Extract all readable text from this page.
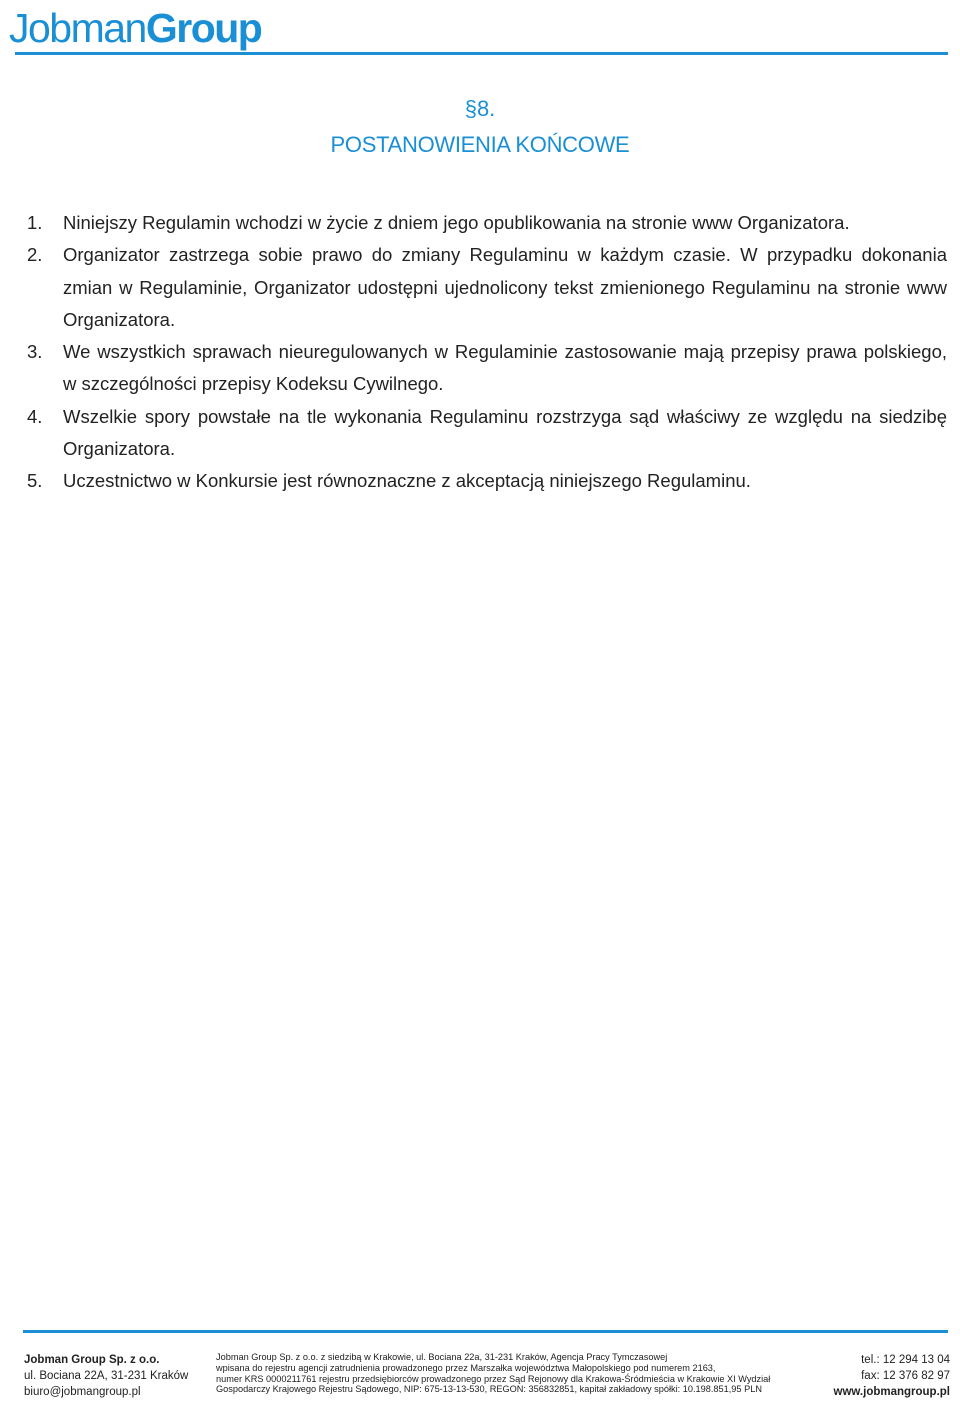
JobmanGroup
§8.
POSTANOWIENIA KOŃCOWE
1. Niniejszy Regulamin wchodzi w życie z dniem jego opublikowania na stronie www Organizatora.
2. Organizator zastrzega sobie prawo do zmiany Regulaminu w każdym czasie. W przypadku dokonania zmian w Regulaminie, Organizator udostępni ujednolicony tekst zmienionego Regulaminu na stronie www Organizatora.
3. We wszystkich sprawach nieuregulowanych w Regulaminie zastosowanie mają przepisy prawa polskiego, w szczególności przepisy Kodeksu Cywilnego.
4. Wszelkie spory powstałe na tle wykonania Regulaminu rozstrzyga sąd właściwy ze względu na siedzibę Organizatora.
5. Uczestnictwo w Konkursie jest równoznaczne z akceptacją niniejszego Regulaminu.
Jobman Group Sp. z o.o.
ul. Bociana 22A, 31-231 Kraków
biuro@jobmangroup.pl
Jobman Group Sp. z o.o. z siedzibą w Krakowie, ul. Bociana 22a, 31-231 Kraków, Agencja Pracy Tymczasowej
wpisana do rejestru agencji zatrudnienia prowadzonego przez Marszałka województwa Małopolskiego pod numerem 2163,
numer KRS 0000211761 rejestru przedsiębiorców prowadzonego przez Sąd Rejonowy dla Krakowa-Śródmieścia w Krakowie XI Wydział
Gospodarczy Krajowego Rejestru Sądowego, NIP: 675-13-13-530, REGON: 356832851, kapitał zakładowy spółki: 10.198.851,95 PLN
tel.: 12 294 13 04
fax: 12 376 82 97
www.jobmangroup.pl
